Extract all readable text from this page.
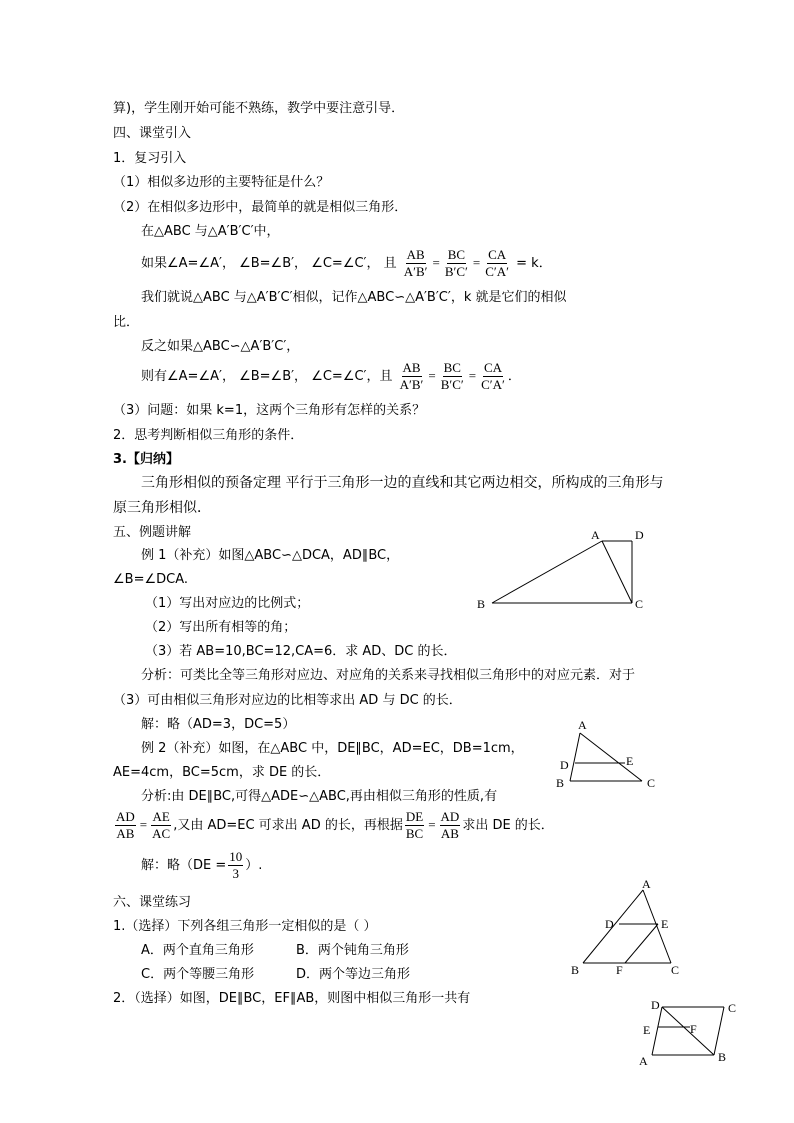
算)，学生刚开始可能不熟练，教学中要注意引导．
四、课堂引入
1．复习引入
（1）相似多边形的主要特征是什么？
（2）在相似多边形中，最简单的就是相似三角形．
在△ABC 与△A′B′C′中，
如果∠A=∠A′， ∠B=∠B′， ∠C=∠C′， 且 $\frac{AB}{A'B'} = \frac{BC}{B'C'} = \frac{CA}{C'A'} = k$．
我们就说△ABC 与△A′B′C′相似，记作△ABC∽△A′B′C′，k 就是它们的相似
比．
反之如果△ABC∽△A′B′C′，
则有∠A=∠A′， ∠B=∠B′， ∠C=∠C′，且 $\frac{AB}{A'B'} = \frac{BC}{B'C'} = \frac{CA}{C'A'}$ ．
（3）问题：如果 k=1，这两个三角形有怎样的关系？
2．思考判断相似三角形的条件．
3.【归纳】
三角形相似的预备定理 平行于三角形一边的直线和其它两边相交，所构成的三角形与
原三角形相似．
五、例题讲解
例 1（补充）如图△ABC∽△DCA，AD∥BC，
∠B=∠DCA.
（1）写出对应边的比例式；
（2）写出所有相等的角；
（3）若 AB=10,BC=12,CA=6．求 AD、DC 的长．
分析：可类比全等三角形对应边、对应角的关系来寻找相似三角形中的对应元素．对于
（3）可由相似三角形对应边的比相等求出 AD 与 DC 的长．
解：略（AD=3，DC=5）
例 2（补充）如图，在△ABC 中，DE∥BC，AD=EC，DB=1cm，
AE=4cm，BC=5cm，求 DE 的长．
分析:由 DE∥BC,可得△ADE∽△ABC,再由相似三角形的性质,有
$\frac{AD}{AB} = \frac{AE}{AC}$ ,又由 AD=EC 可求出 AD 的长，再根据 $\frac{DE}{BC} = \frac{AD}{AB}$ 求出 DE 的长．
解：略（$DE = \frac{10}{3}$ ）.
六、课堂练习
1.（选择）下列各组三角形一定相似的是（ ）
A．两个直角三角形	B．两个钝角三角形
C．两个等腰三角形	D．两个等边三角形
2．（选择）如图，DE∥BC，EF∥AB，则图中相似三角形一共有
A	D
B	C
A
D	E
B	C
A
D	E
B	F	C
D	C
E	F
A	B
